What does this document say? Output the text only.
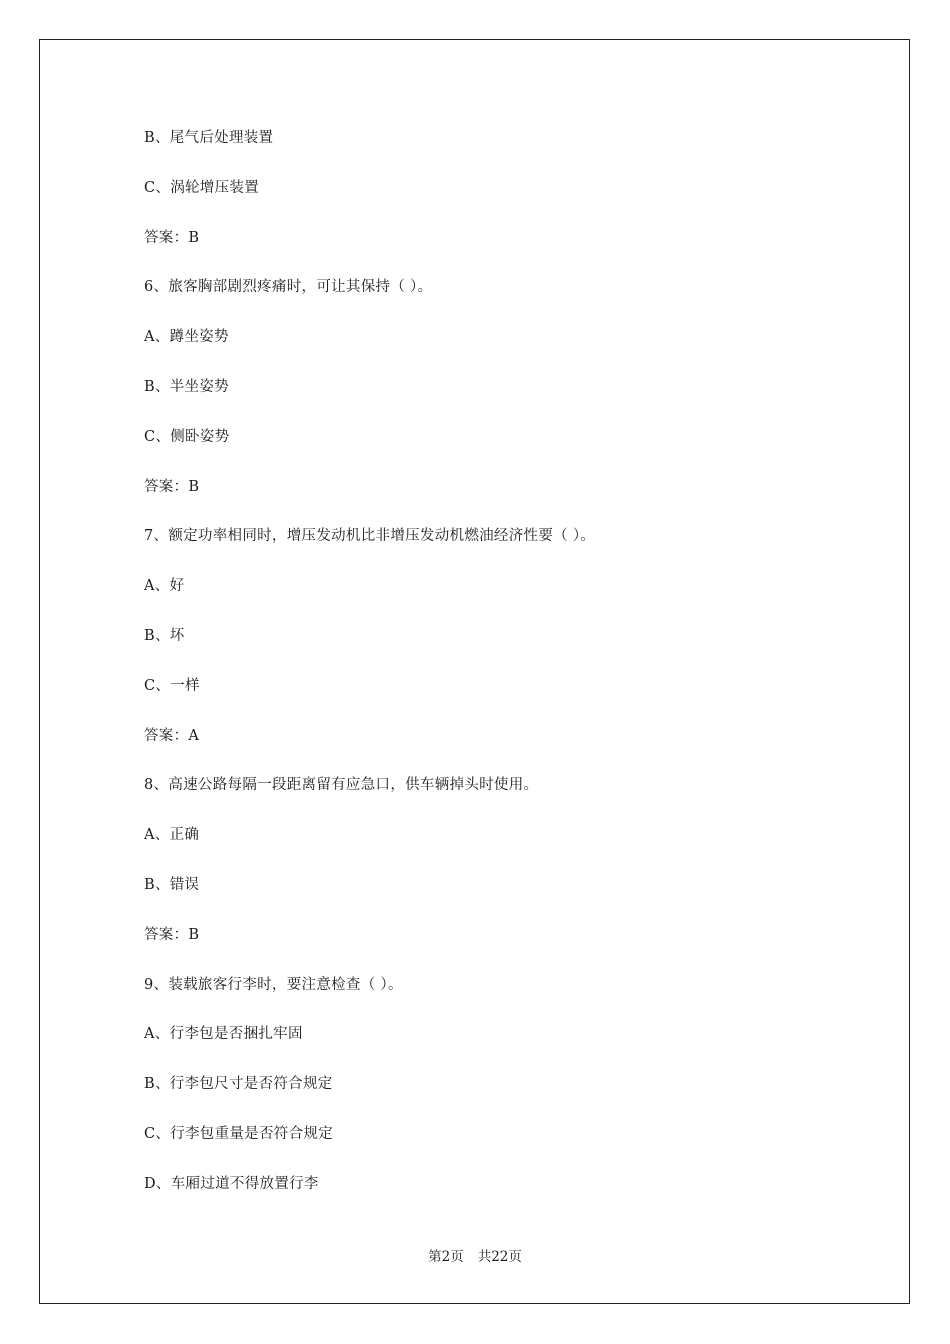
B、尾气后处理装置
C、涡轮增压装置
答案：B
6、旅客胸部剧烈疼痛时，可让其保持（ ）。
A、蹲坐姿势
B、半坐姿势
C、侧卧姿势
答案：B
7、额定功率相同时，增压发动机比非增压发动机燃油经济性要（ ）。
A、好
B、坏
C、一样
答案：A
8、高速公路每隔一段距离留有应急口，供车辆掉头时使用。
A、正确
B、错误
答案：B
9、装载旅客行李时，要注意检查（ ）。
A、行李包是否捆扎牢固
B、行李包尺寸是否符合规定
C、行李包重量是否符合规定
D、车厢过道不得放置行李
第2页 共22页
